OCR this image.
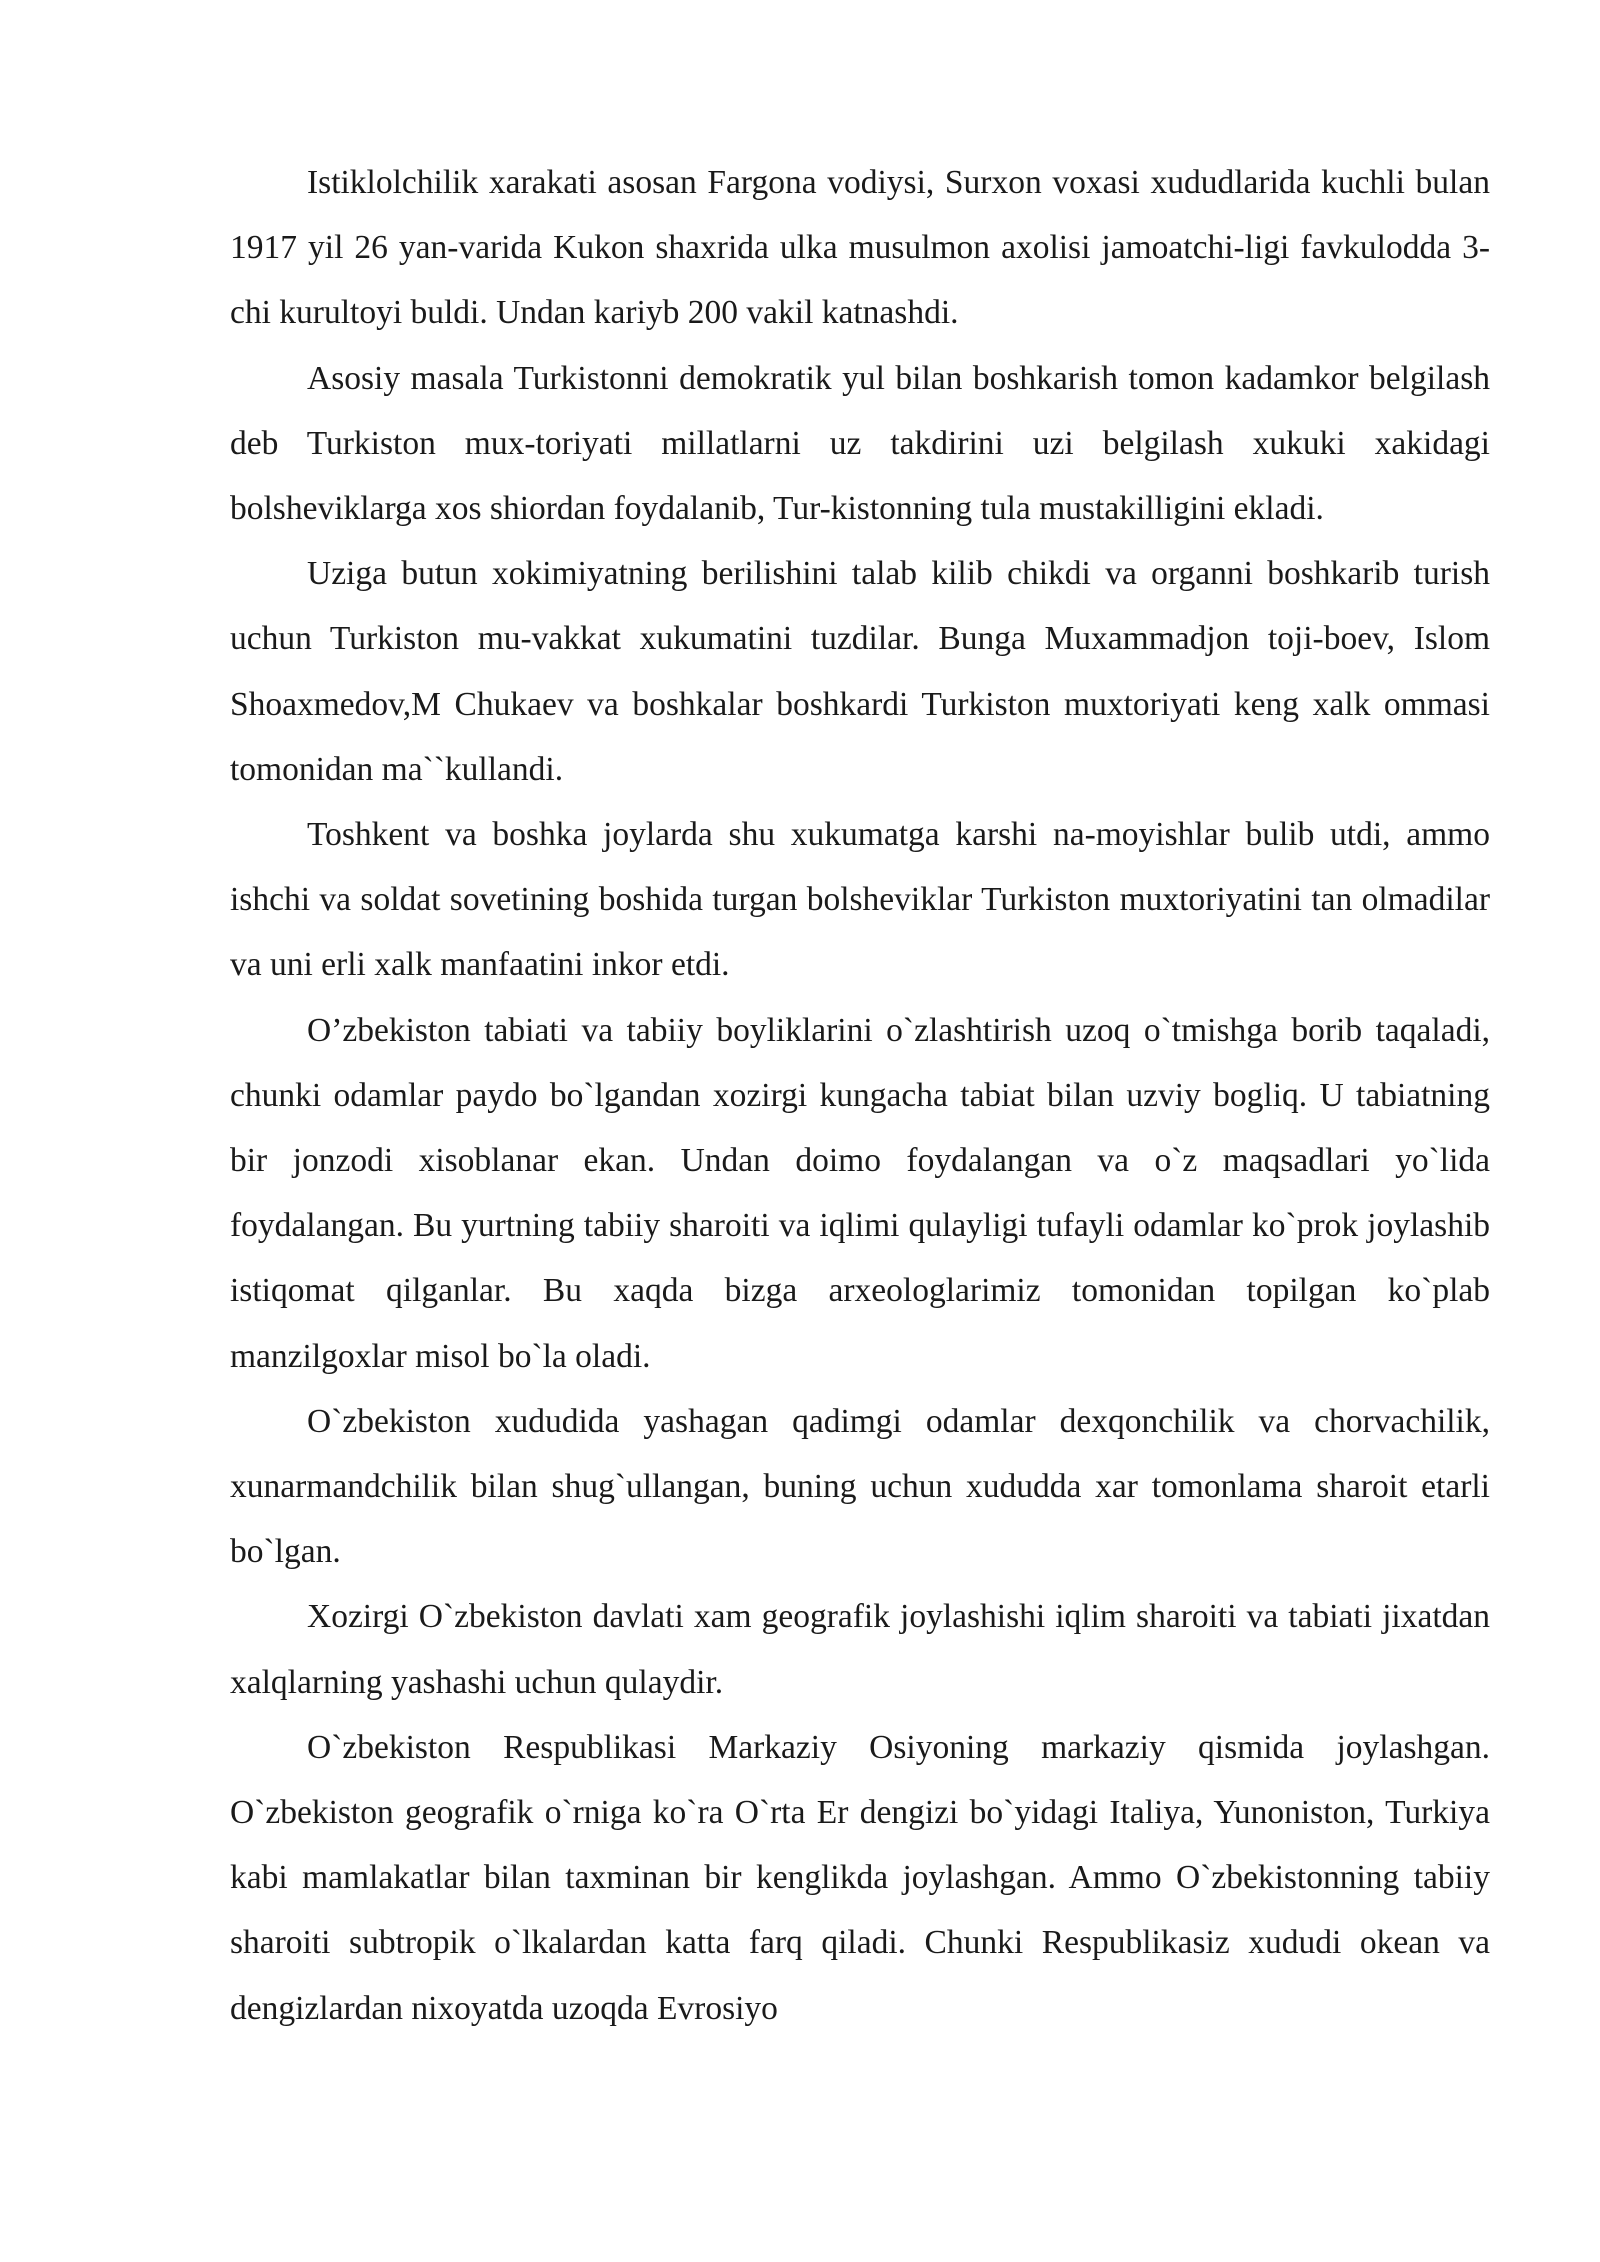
Istiklolchilik xarakati asosan Fargona vodiysi, Surxon voxasi xududlarida kuchli bulan 1917 yil 26 yan-varida Kukon shaxrida ulka musulmon axolisi jamoatchi-ligi favkulodda 3-chi kurultoyi buldi. Undan kariyb 200 vakil katnashdi.

Asosiy masala Turkistonni demokratik yul bilan boshkarish tomon kadamkor belgilash deb Turkiston mux-toriyati millatlarni uz takdirini uzi belgilash xukuki xakidagi bolsheviklarga xos shiordan foydalanib, Tur-kistonning tula mustakilligini ekladi.

Uziga butun xokimiyatning berilishini talab kilib chikdi va organni boshkarib turish uchun Turkiston mu-vakkat xukumatini tuzdilar. Bunga Muxammadjon toji-boev, Islom Shoaxmedov,M Chukaev va boshkalar boshkardi Turkiston muxtoriyati keng xalk ommasi tomonidan ma``kullandi.

Toshkent va boshka joylarda shu xukumatga karshi na-moyishlar bulib utdi, ammo ishchi va soldat sovetining boshida turgan bolsheviklar Turkiston muxtoriyatini tan olmadilar va uni erli xalk manfaatini inkor etdi.

O’zbekiston tabiati va tabiiy boyliklarini o`zlashtirish uzoq o`tmishga borib taqaladi, chunki odamlar paydo bo`lgandan xozirgi kungacha tabiat bilan uzviy bogliq. U tabiatning bir jonzodi xisoblanar ekan. Undan doimo foydalangan va o`z maqsadlari yo`lida foydalangan. Bu yurtning tabiiy sharoiti va iqlimi qulayligi tufayli odamlar ko`prok joylashib istiqomat qilganlar. Bu xaqda bizga arxeologlarimiz tomonidan topilgan ko`plab manzilgoxlar misol bo`la oladi.

O`zbekiston xududida yashagan qadimgi odamlar dexqonchilik va chorvachilik, xunarmandchilik bilan shug`ullangan, buning uchun xududda xar tomonlama sharoit etarli bo`lgan.

Xozirgi O`zbekiston davlati xam geografik joylashishi iqlim sharoiti va tabiati jixatdan xalqlarning yashashi uchun qulaydir.

O`zbekiston Respublikasi Markaziy Osiyoning markaziy qismida joylashgan. O`zbekiston geografik o`rniga ko`ra O`rta Er dengizi bo`yidagi Italiya, Yunoniston, Turkiya kabi mamlakatlar bilan taxminan bir kenglikda joylashgan. Ammo O`zbekistonning tabiiy sharoiti subtropik o`lkalardan katta farq qiladi. Chunki Respublikasiz xududi okean va dengizlardan nixoyatda uzoqda Evrosiyo
